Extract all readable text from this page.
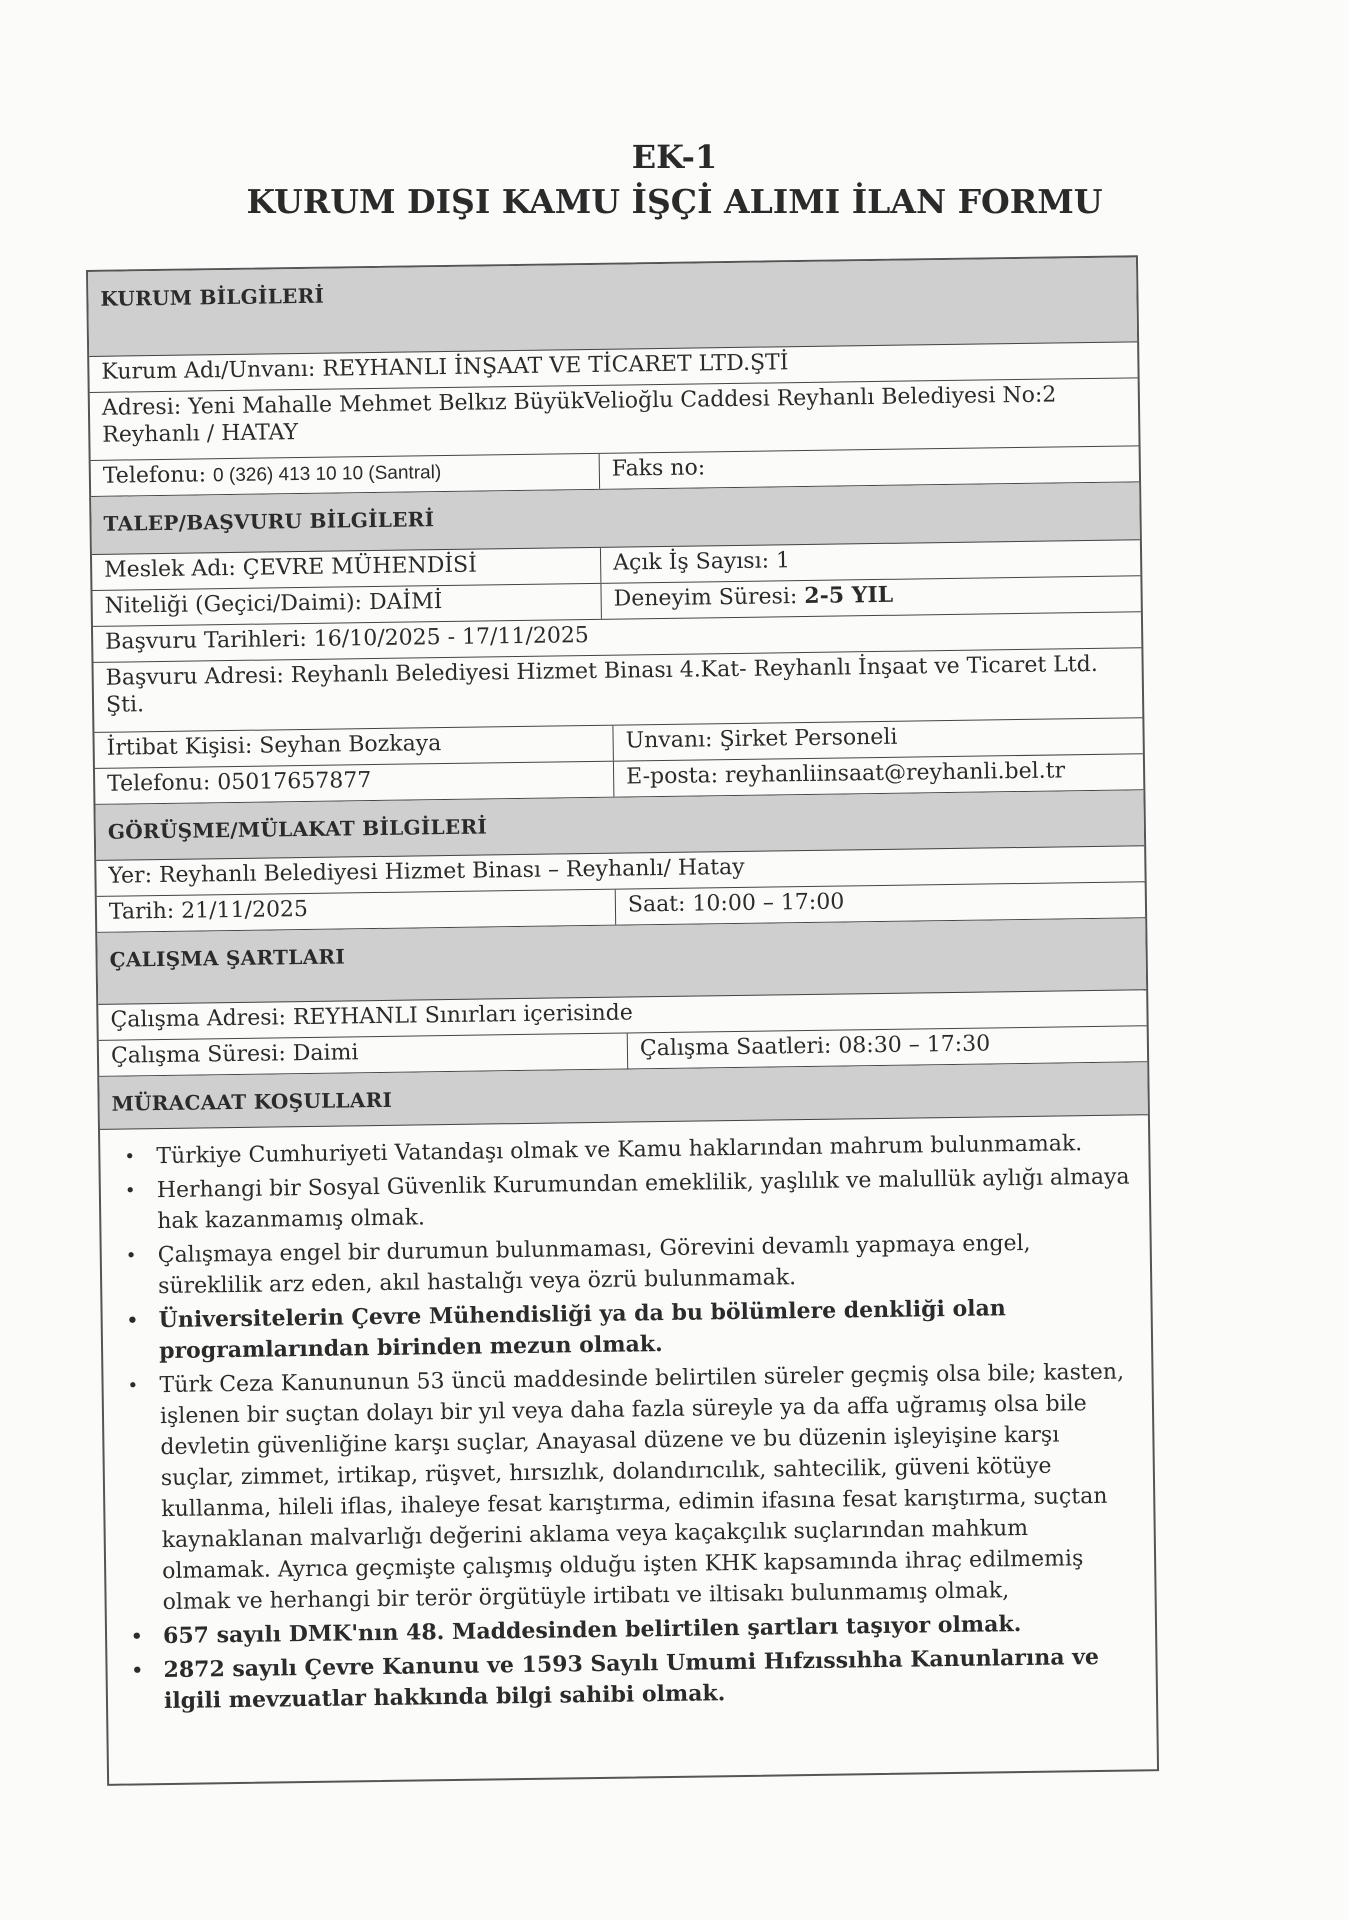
EK-1
KURUM DIŞI KAMU İŞÇİ ALIMI İLAN FORMU
KURUM BİLGİLERİ
Kurum Adı/Unvanı: REYHANLI İNŞAAT VE TİCARET LTD.ŞTİ
Adresi: Yeni Mahalle Mehmet Belkız BüyükVelioğlu Caddesi Reyhanlı Belediyesi No:2 Reyhanlı / HATAY
Telefonu: 0 (326) 413 10 10 (Santral)	Faks no:
TALEP/BAŞVURU BİLGİLERİ
Meslek Adı: ÇEVRE MÜHENDİSİ	Açık İş Sayısı: 1
Niteliği (Geçici/Daimi): DAİMİ	Deneyim Süresi: 2-5 YIL
Başvuru Tarihleri: 16/10/2025 - 17/11/2025
Başvuru Adresi: Reyhanlı Belediyesi Hizmet Binası 4.Kat- Reyhanlı İnşaat ve Ticaret Ltd. Şti.
İrtibat Kişisi: Seyhan Bozkaya	Unvanı: Şirket Personeli
Telefonu: 05017657877	E-posta: reyhanliinsaat@reyhanli.bel.tr
GÖRÜŞME/MÜLAKAT BİLGİLERİ
Yer: Reyhanlı Belediyesi Hizmet Binası – Reyhanlı/ Hatay
Tarih: 21/11/2025	Saat: 10:00 – 17:00
ÇALIŞMA ŞARTLARI
Çalışma Adresi: REYHANLI Sınırları içerisinde
Çalışma Süresi: Daimi	Çalışma Saatleri: 08:30 – 17:30
MÜRACAAT KOŞULLARI
• Türkiye Cumhuriyeti Vatandaşı olmak ve Kamu haklarından mahrum bulunmamak.
• Herhangi bir Sosyal Güvenlik Kurumundan emeklilik, yaşlılık ve malullük aylığı almaya hak kazanmamış olmak.
• Çalışmaya engel bir durumun bulunmaması, Görevini devamlı yapmaya engel, süreklilik arz eden, akıl hastalığı veya özrü bulunmamak.
• Üniversitelerin Çevre Mühendisliği ya da bu bölümlere denkliği olan programlarından birinden mezun olmak.
• Türk Ceza Kanununun 53 üncü maddesinde belirtilen süreler geçmiş olsa bile; kasten, işlenen bir suçtan dolayı bir yıl veya daha fazla süreyle ya da affa uğramış olsa bile devletin güvenliğine karşı suçlar, Anayasal düzene ve bu düzenin işleyişine karşı suçlar, zimmet, irtikap, rüşvet, hırsızlık, dolandırıcılık, sahtecilik, güveni kötüye kullanma, hileli iflas, ihaleye fesat karıştırma, edimin ifasına fesat karıştırma, suçtan kaynaklanan malvarlığı değerini aklama veya kaçakçılık suçlarından mahkum olmamak. Ayrıca geçmişte çalışmış olduğu işten KHK kapsamında ihraç edilmemiş olmak ve herhangi bir terör örgütüyle irtibatı ve iltisakı bulunmamış olmak,
• 657 sayılı DMK'nın 48. Maddesinden belirtilen şartları taşıyor olmak.
• 2872 sayılı Çevre Kanunu ve 1593 Sayılı Umumi Hıfzıssıhha Kanunlarına ve ilgili mevzuatlar hakkında bilgi sahibi olmak.
